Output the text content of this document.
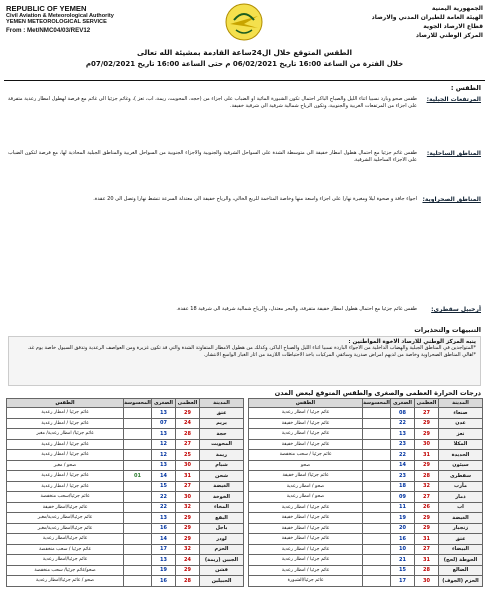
REPUBLIC OF YEMEN
Civil Aviation & Meteorological Authority
YEMEN METEOROLOGICAL SERVICE
From : Met/NMC04/03/REV12
الجمهورية اليمنية
الهيئة العامة للطيران المدني والارصاد
قطاع الارصاد الجوية
المركز الوطني للارصاد
الطقس المتوقع خلال ال24ساعة القادمة بمشيئة الله تعالى
خلال الفترة من الساعة 16:00 تاريخ 06/02/2021 م حتى الساعة 16:00 تاريخ 07/02/2021م
الطقس :
المرتفعات الجبلية:
طقس صحو وبارد نسبيا اثناء الليل والصباح الباكر احتمال تكون الشبورة المائية او الضباب على اجزاء من (حجه، المحويت، ريمة، اب، تعز )، وغائم جزئيا الى غائم مع فرصة لهطول امطار رعدية متفرقة على اجزاء من المرتفعات الغربية والجنوبية، وتكون الرياح شمالية شرقية الى شرقية خفيفة.
المناطق الساحلية:
طقس غائم جزئيا مع احتمال هطول امطار خفيفة الى متوسطة الشدة على السواحل الشرقية والجنوبية والاجزاء الجنوبية من السواحل الغربية والمناطق الجبلية المحاذية لها، مع فرصة لتكون الضباب على الاجزاء الساحلية الشرقية.
المناطق الصحراوية:
اجواء جافة و صحوة ليلا ومغبرة نهارا على اجزاء واسعة منها وخاصة المتاخمة للربع الخالي، والرياح خفيفة الى معتدلة السرعة تنشط نهارا وتصل الى 20 عقدة.
أرخبيل سقطرى:
طقس غائم جزئيا مع احتمال هطول امطار خفيفة متفرقة، والبحر معتدل، والرياح شمالية شرقية الى شرقية 18 عقدة.
التنبيهات والتحذيرات
ينبه المركز الوطني للارصاد الاخوة المواطنين :
*المتواجدين في المناطق الجبلية والهضاب الداخلية من الاجواء الباردة نسبيا اثناء الليل والصباح الباكر، وكذلك من هطول الامطار المتفاوتة الشدة والتي قد تكون غزيرة ومن العواصف الرعدية وتدفق السيول خاصة يوم غد.
*اهالي المناطق الصحراوية وخاصة من لديهم امراض صدرية وسائقي المركبات باخذ الاحتياطات اللازمة من اثار الغبار الواسع الانتشار.
درجات الحرارة العظمى والصغرى والطقس المتوقع لبعض المدن
المدينة	العظمى	الصغرى	المحسوسة	الطقس
عتق	29	13		غائم جزئيا / امطار رعدية
يريم	24	07		غائم جزئيا / امطار رعدية
حجة	28	13		غائم جزئيا/ امطار رعدية/ مغبر
المحويت	27	12		غائم جزئيا / امطار رعدية
ريمة	25	12		غائم جزئيا / امطار رعدية
شبام	30	13		صحو / مغبر
شحن	31	14	01	غائم جزئيا / امطار رعدية
الغيضة	27	15		غائم جزئيا / امطار رعدية
الخوخة	30	22		غائم جزئيا/سحب منخفضة
المخاء	32	22		غائم جزئيا/امطار خفيفة
البقع	29	13		غائم جزئيا/امطار رعدية/مغبر
باجل	29	16		غائم جزئيا/امطار رعدية/مغبر
لودر	29	14		غائم جزئيا/امطار رعدية
الحزم	32	17		غائم جزئيا / سحب منخفضة
الجبين (ريمة)	24	13		غائم جزئيا/امطار رعدية
قشن	29	19		صحو/غائم جزئيا/ سحب منخفضة
الحبيلين	28	16		صحو / غائم جزئيا/امطار رعدية
المدينة	العظمى	الصغرى	المحسوسة	الطقس
صنعاء	27	08		غائم جزئيا / امطار رعدية
عدن	29	22		غائم جزئيا / امطار خفيفة
تعز	29	13		غائم جزئيا / امطار رعدية
المكلا	30	23		غائم جزئيا / امطار خفيفة
الحديدة	31	22		غائم جزئيا / سحب منخفضة
سيئون	29	14		صحو
سقطرى	28	23		غائم جزئيا/ امطار خفيفة
مأرب	32	18		صحو / امطار رعدية
ذمار	27	09		صحو / امطار رعدية
اب	26	11		غائم جزئيا / امطار رعدية
الغيضة	29	19		غائم جزئيا / امطار خفيفة
زنجبار	29	20		غائم جزئيا / امطار خفيفة
عتق	31	16		غائم جزئيا / امطار خفيفة
البيضاء	27	10		غائم جزئيا / امطار رعدية
الحوطة (لحج)	31	21		غائم جزئيا / امطار رعدية
الضالع	28	15		غائم جزئيا / امطار رعدية
الحزم (الجوف)	30	17		غائم جزئيا/الشبورة
